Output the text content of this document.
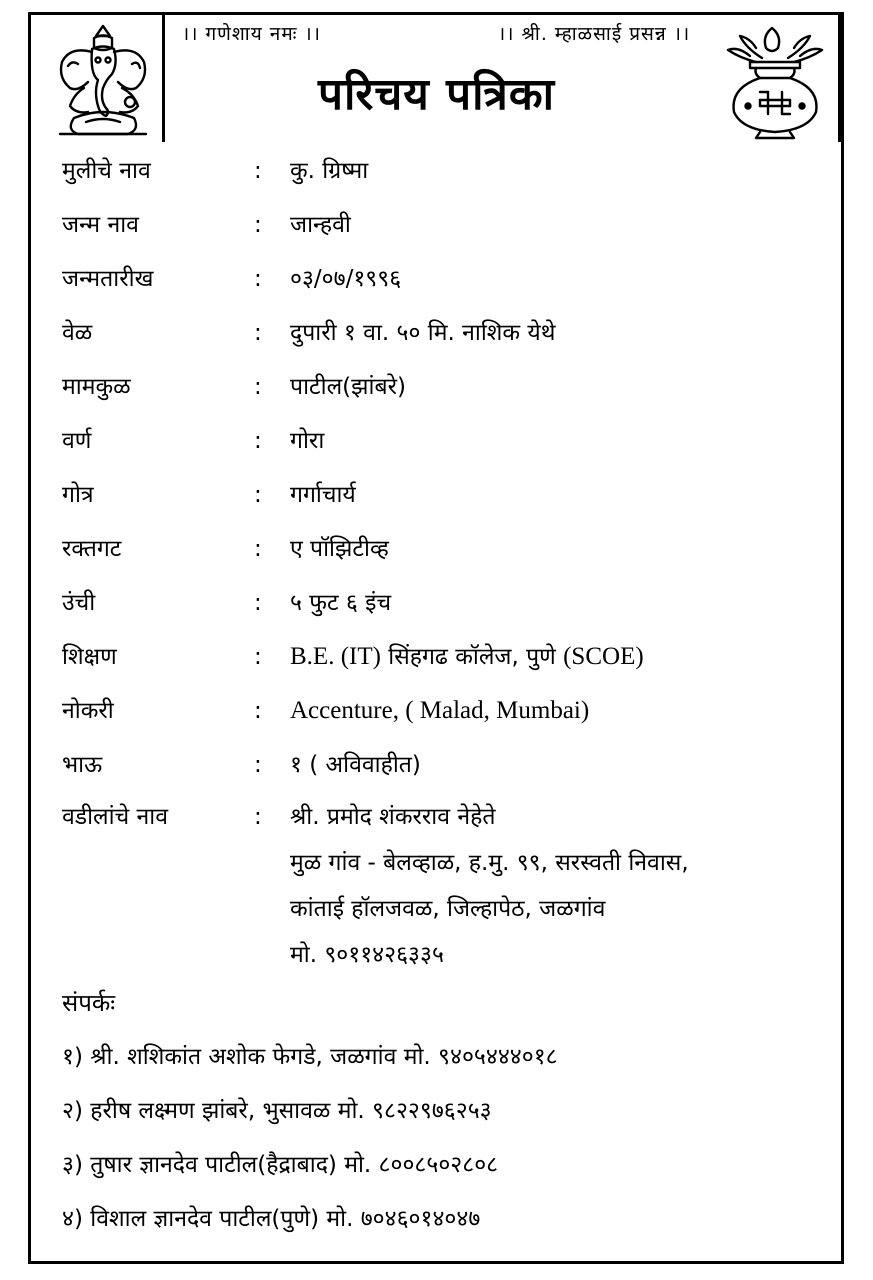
।। गणेशाय नमः ।।	।। श्री. म्हाळसाई प्रसन्न ।।
परिचय पत्रिका
मुलीचे नाव	: कु. ग्रिष्मा
जन्म नाव	: जान्हवी
जन्मतारीख	: ०३/०७/१९९६
वेळ	: दुपारी १ वा. ५० मि. नाशिक येथे
मामकुळ	: पाटील(झांबरे)
वर्ण	: गोरा
गोत्र	: गर्गाचार्य
रक्तगट	: ए पॉझिटीव्ह
उंची	: ५ फुट ६ इंच
शिक्षण	: B.E. (IT) सिंहगढ कॉलेज, पुणे (SCOE)
नोकरी	: Accenture, ( Malad, Mumbai)
भाऊ	: १ ( अविवाहीत)
वडीलांचे नाव	: श्री. प्रमोद शंकरराव नेहेते
मुळ गांव - बेलव्हाळ, ह.मु. ९९, सरस्वती निवास,
कांताई हॉलजवळ, जिल्हापेठ, जळगांव
मो. ९०११४२६३३५
संपर्कः
१) श्री. शशिकांत अशोक फेगडे, जळगांव मो. ९४०५४४४०१८
२) हरीष लक्ष्मण झांबरे, भुसावळ मो. ९८२२९७६२५३
३) तुषार ज्ञानदेव पाटील(हैद्राबाद) मो. ८००८५०२८०८
४) विशाल ज्ञानदेव पाटील(पुणे) मो. ७०४६०१४०४७
